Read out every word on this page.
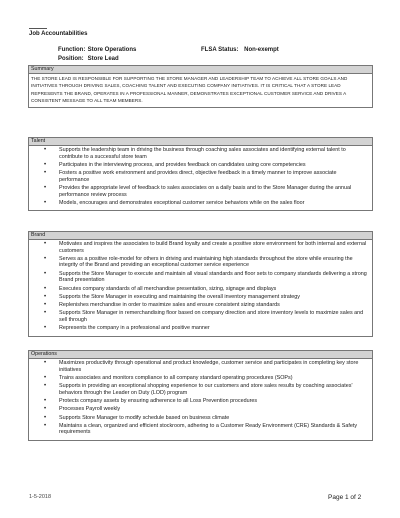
Job Accountabilities
Function: Store Operations
Position: Store Lead
FLSA Status: Non-exempt
Summary
THE STORE LEAD IS RESPONSIBLE FOR SUPPORTING THE STORE MANAGER AND LEADERSHIP TEAM TO ACHIEVE ALL STORE GOALS AND INITIATIVES THROUGH DRIVING SALES, COACHING TALENT AND EXECUTING COMPANY INITIATIVES. IT IS CRITICAL THAT A STORE LEAD REPRESENTS THE BRAND, OPERATES IN A PROFESSIONAL MANNER, DEMONSTRATES EXCEPTIONAL CUSTOMER SERVICE AND DRIVES A CONSISTENT MESSAGE TO ALL TEAM MEMBERS.
Talent
• Supports the leadership team in driving the business through coaching sales associates and identifying external talent to contribute to a successful store team
• Participates in the interviewing process, and provides feedback on candidates using core competencies
• Fosters a positive work environment and provides direct, objective feedback in a timely manner to improve associate performance
• Provides the appropriate level of feedback to sales associates on a daily basis and to the Store Manager during the annual performance review process
• Models, encourages and demonstrates exceptional customer service behaviors while on the sales floor
Brand
• Motivates and inspires the associates to build Brand loyalty and create a positive store environment for both internal and external customers
• Serves as a positive role-model for others in driving and maintaining high standards throughout the store while ensuring the integrity of the Brand and providing an exceptional customer service experience
• Supports the Store Manager to execute and maintain all visual standards and floor sets to company standards delivering a strong Brand presentation
• Executes company standards of all merchandise presentation, sizing, signage and displays
• Supports the Store Manager in executing and maintaining the overall inventory management strategy
• Replenishes merchandise in order to maximize sales and ensure consistent sizing standards
• Supports Store Manager in remerchandising floor based on company direction and store inventory levels to maximize sales and sell through
• Represents the company in a professional and positive manner
Operations
• Maximizes productivity through operational and product knowledge, customer service and participates in completing key store initiatives
• Trains associates and monitors compliance to all company standard operating procedures (SOPs)
• Supports in providing an exceptional shopping experience to our customers and store sales results by coaching associates' behaviors through the Leader on Duty (LOD) program
• Protects company assets by ensuring adherence to all Loss Prevention procedures
• Processes Payroll weekly
• Supports Store Manager to modify schedule based on business climate
• Maintains a clean, organized and efficient stockroom, adhering to a Customer Ready Environment (CRE) Standards & Safety requirements
1-5-2018	Page 1 of 2
